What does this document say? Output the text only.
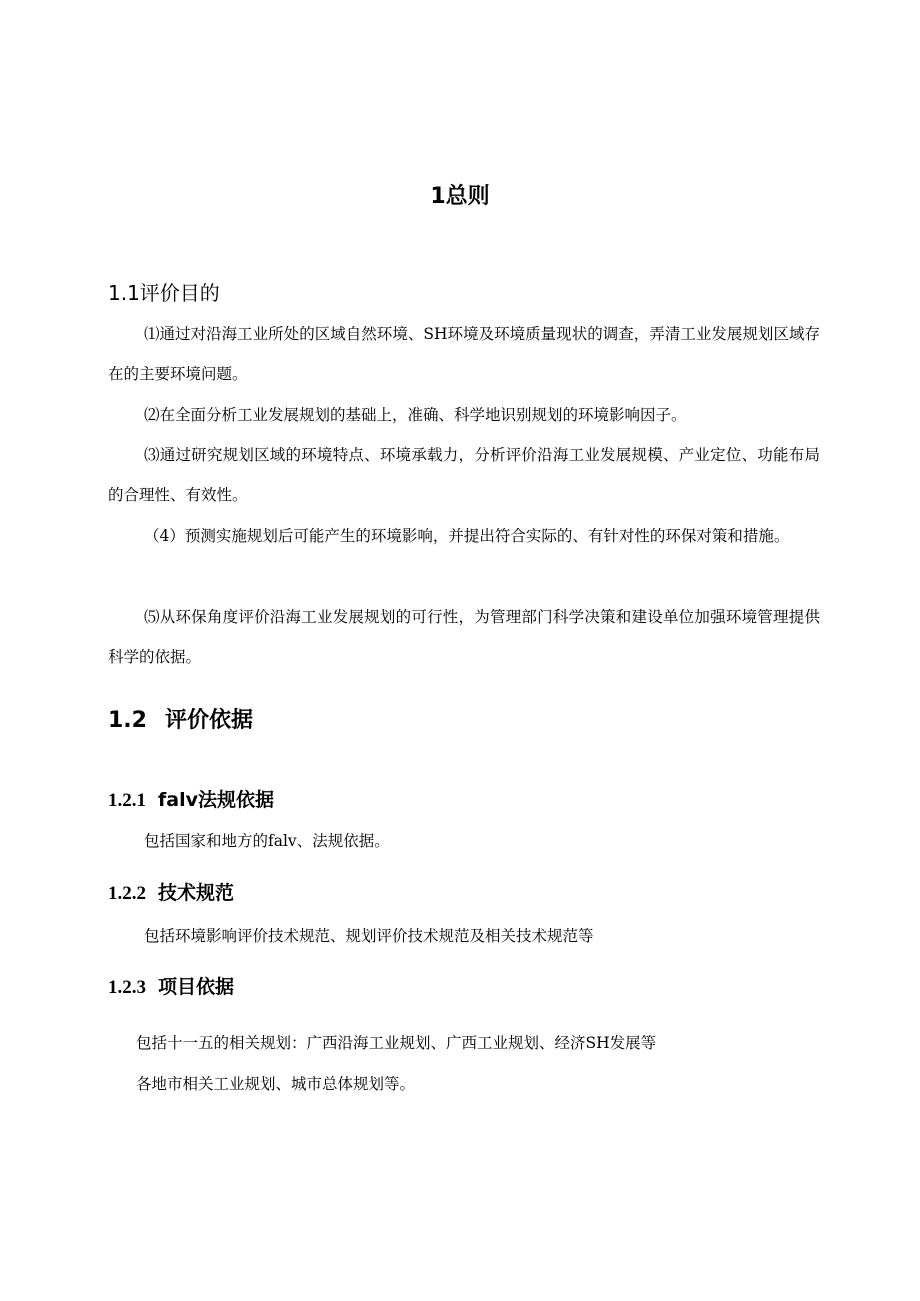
1总则
1.1评价目的

⑴通过对沿海工业所处的区域自然环境、SH环境及环境质量现状的调查，弄清工业发展规划区域存在的主要环境问题。

⑵在全面分析工业发展规划的基础上，准确、科学地识别规划的环境影响因子。

⑶通过研究规划区域的环境特点、环境承载力，分析评价沿海工业发展规模、产业定位、功能布局的合理性、有效性。

（4）预测实施规划后可能产生的环境影响，并提出符合实际的、有针对性的环保对策和措施。

⑸从环保角度评价沿海工业发展规划的可行性，为管理部门科学决策和建设单位加强环境管理提供科学的依据。

1.2 评价依据
1.2.1 falv法规依据

包括国家和地方的falv、法规依据。

1.2.2 技术规范

包括环境影响评价技术规范、规划评价技术规范及相关技术规范等

1.2.3 项目依据

包括十一五的相关规划：广西沿海工业规划、广西工业规划、经济SH发展等

各地市相关工业规划、城市总体规划等。
